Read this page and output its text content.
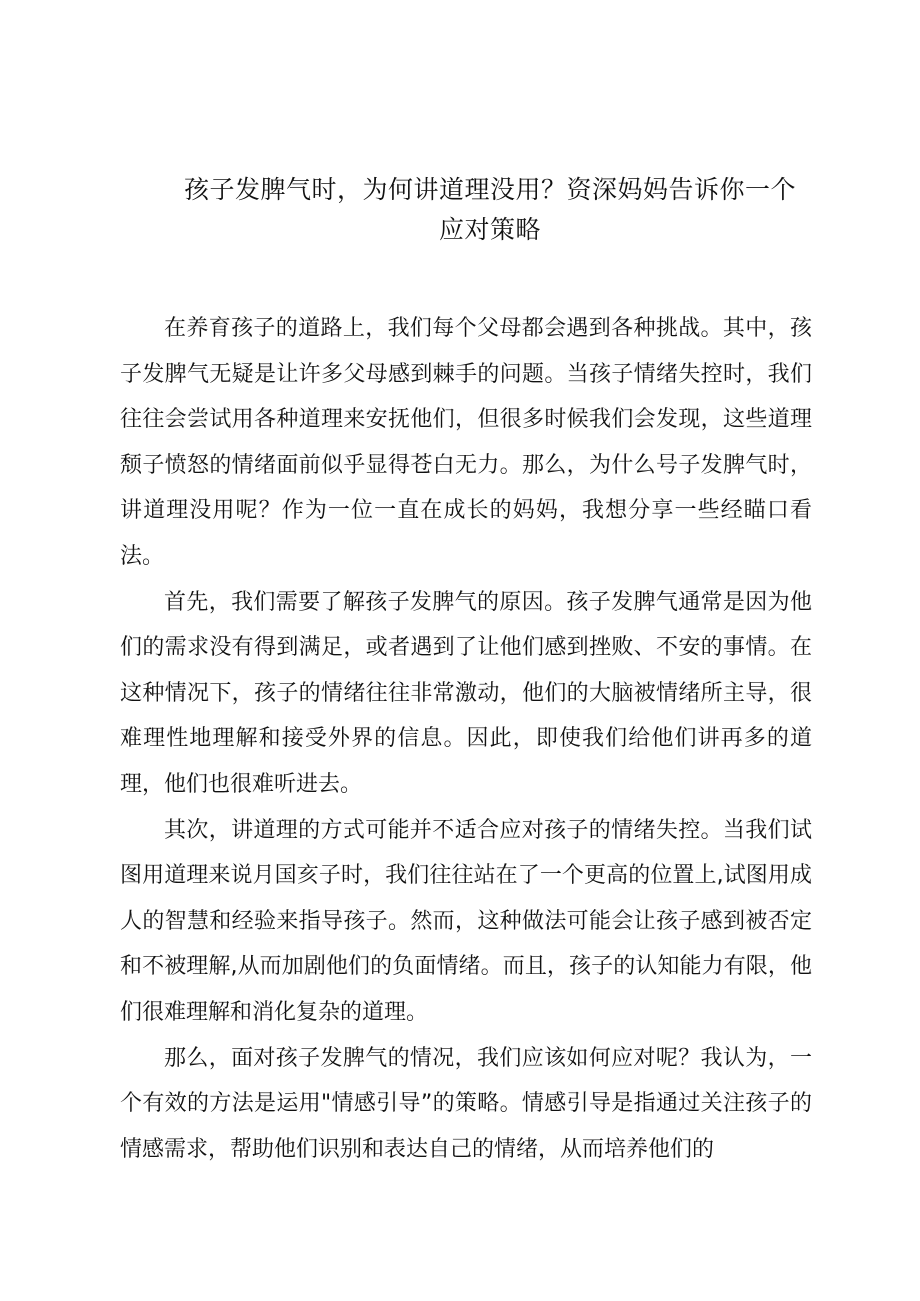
孩子发脾气时，为何讲道理没用？资深妈妈告诉你一个
应对策略

在养育孩子的道路上，我们每个父母都会遇到各种挑战。其中，孩子发脾气无疑是让许多父母感到棘手的问题。当孩子情绪失控时，我们往往会尝试用各种道理来安抚他们，但很多时候我们会发现，这些道理颓子愤怒的情绪面前似乎显得苍白无力。那么，为什么号子发脾气时，讲道理没用呢？作为一位一直在成长的妈妈，我想分享一些经瞄口看法。

首先，我们需要了解孩子发脾气的原因。孩子发脾气通常是因为他们的需求没有得到满足，或者遇到了让他们感到挫败、不安的事情。在这种情况下，孩子的情绪往往非常激动，他们的大脑被情绪所主导，很难理性地理解和接受外界的信息。因此，即使我们给他们讲再多的道理，他们也很难听进去。

其次，讲道理的方式可能并不适合应对孩子的情绪失控。当我们试图用道理来说月国亥子时，我们往往站在了一个更高的位置上,试图用成人的智慧和经验来指导孩子。然而，这种做法可能会让孩子感到被否定和不被理解,从而加剧他们的负面情绪。而且，孩子的认知能力有限，他们很难理解和消化复杂的道理。

那么，面对孩子发脾气的情况，我们应该如何应对呢？我认为，一个有效的方法是运用"情感引导”的策略。情感引导是指通过关注孩子的情感需求，帮助他们识别和表达自己的情绪，从而培养他们的
